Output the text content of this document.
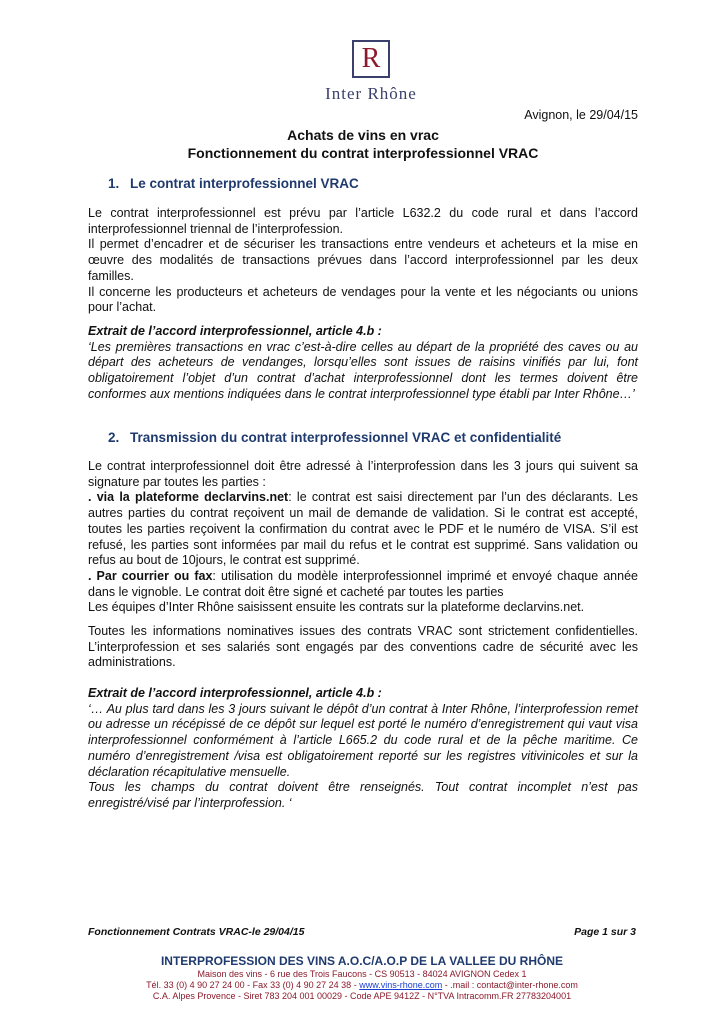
R
Inter Rhône
Avignon, le 29/04/15
Achats de vins en vrac
Fonctionnement du contrat interprofessionnel VRAC
1. Le contrat interprofessionnel VRAC

Le contrat interprofessionnel est prévu par l’article L632.2 du code rural et dans l’accord interprofessionnel triennal de l’interprofession.

Il permet d’encadrer et de sécuriser les transactions entre vendeurs et acheteurs et la mise en œuvre des modalités de transactions prévues dans l’accord interprofessionnel par les deux familles.

Il concerne les producteurs et acheteurs de vendages pour la vente et les négociants ou unions pour l’achat.

Extrait de l’accord interprofessionnel, article 4.b :

‘Les premières transactions en vrac c’est-à-dire celles au départ de la propriété des caves ou au départ des acheteurs de vendanges, lorsqu’elles sont issues de raisins vinifiés par lui, font obligatoirement l’objet d’un contrat d’achat interprofessionnel dont les termes doivent être conformes aux mentions indiquées dans le contrat interprofessionnel type établi par Inter Rhône…’

2. Transmission du contrat interprofessionnel VRAC et confidentialité

Le contrat interprofessionnel doit être adressé à l’interprofession dans les 3 jours qui suivent sa signature par toutes les parties :

. via la plateforme declarvins.net: le contrat est saisi directement par l’un des déclarants. Les autres parties du contrat reçoivent un mail de demande de validation. Si le contrat est accepté, toutes les parties reçoivent la confirmation du contrat avec le PDF et le numéro de VISA. S’il est refusé, les parties sont informées par mail du refus et le contrat est supprimé. Sans validation ou refus au bout de 10jours, le contrat est supprimé.

. Par courrier ou fax: utilisation du modèle interprofessionnel imprimé et envoyé chaque année dans le vignoble. Le contrat doit être signé et cacheté par toutes les parties

Les équipes d’Inter Rhône saisissent ensuite les contrats sur la plateforme declarvins.net.

Toutes les informations nominatives issues des contrats VRAC sont strictement confidentielles. L’interprofession et ses salariés sont engagés par des conventions cadre de sécurité avec les administrations.

Extrait de l’accord interprofessionnel, article 4.b :

‘… Au plus tard dans les 3 jours suivant le dépôt d’un contrat à Inter Rhône, l’interprofession remet ou adresse un récépissé de ce dépôt sur lequel est porté le numéro d’enregistrement qui vaut visa interprofessionnel conformément à l’article L665.2 du code rural et de la pêche maritime. Ce numéro d’enregistrement /visa est obligatoirement reporté sur les registres vitivinicoles et sur la déclaration récapitulative mensuelle.

Tous les champs du contrat doivent être renseignés. Tout contrat incomplet n’est pas enregistré/visé par l’interprofession. ‘

Fonctionnement Contrats VRAC-le 29/04/15	Page 1 sur 3
INTERPROFESSION DES VINS A.O.C/A.O.P DE LA VALLEE DU RHÔNE
Maison des vins - 6 rue des Trois Faucons - CS 90513 - 84024 AVIGNON Cedex 1
Tél. 33 (0) 4 90 27 24 00 - Fax 33 (0) 4 90 27 24 38 - www.vins-rhone.com - .mail : contact@inter-rhone.com
C.A. Alpes Provence - Siret 783 204 001 00029 - Code APE 9412Z - N°TVA Intracomm.FR 27783204001
